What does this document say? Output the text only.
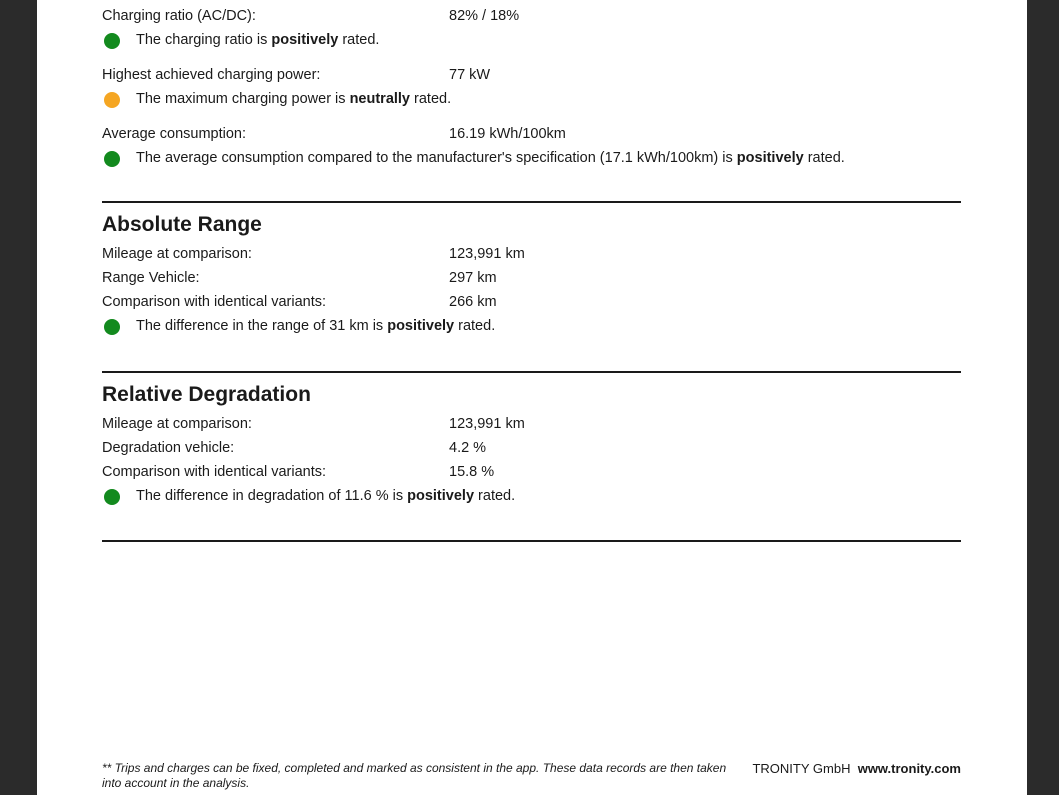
Charging ratio (AC/DC):	82% / 18%
The charging ratio is positively rated.
Highest achieved charging power:	77 kW
The maximum charging power is neutrally rated.
Average consumption:	16.19 kWh/100km
The average consumption compared to the manufacturer's specification (17.1 kWh/100km) is positively rated.
Absolute Range
Mileage at comparison:	123,991 km
Range Vehicle:	297 km
Comparison with identical variants:	266 km
The difference in the range of 31 km is positively rated.
Relative Degradation
Mileage at comparison:	123,991 km
Degradation vehicle:	4.2 %
Comparison with identical variants:	15.8 %
The difference in degradation of 11.6 % is positively rated.
** Trips and charges can be fixed, completed and marked as consistent in the app. These data records are then taken into account in the analysis.
TRONITY GmbH www.tronity.com
